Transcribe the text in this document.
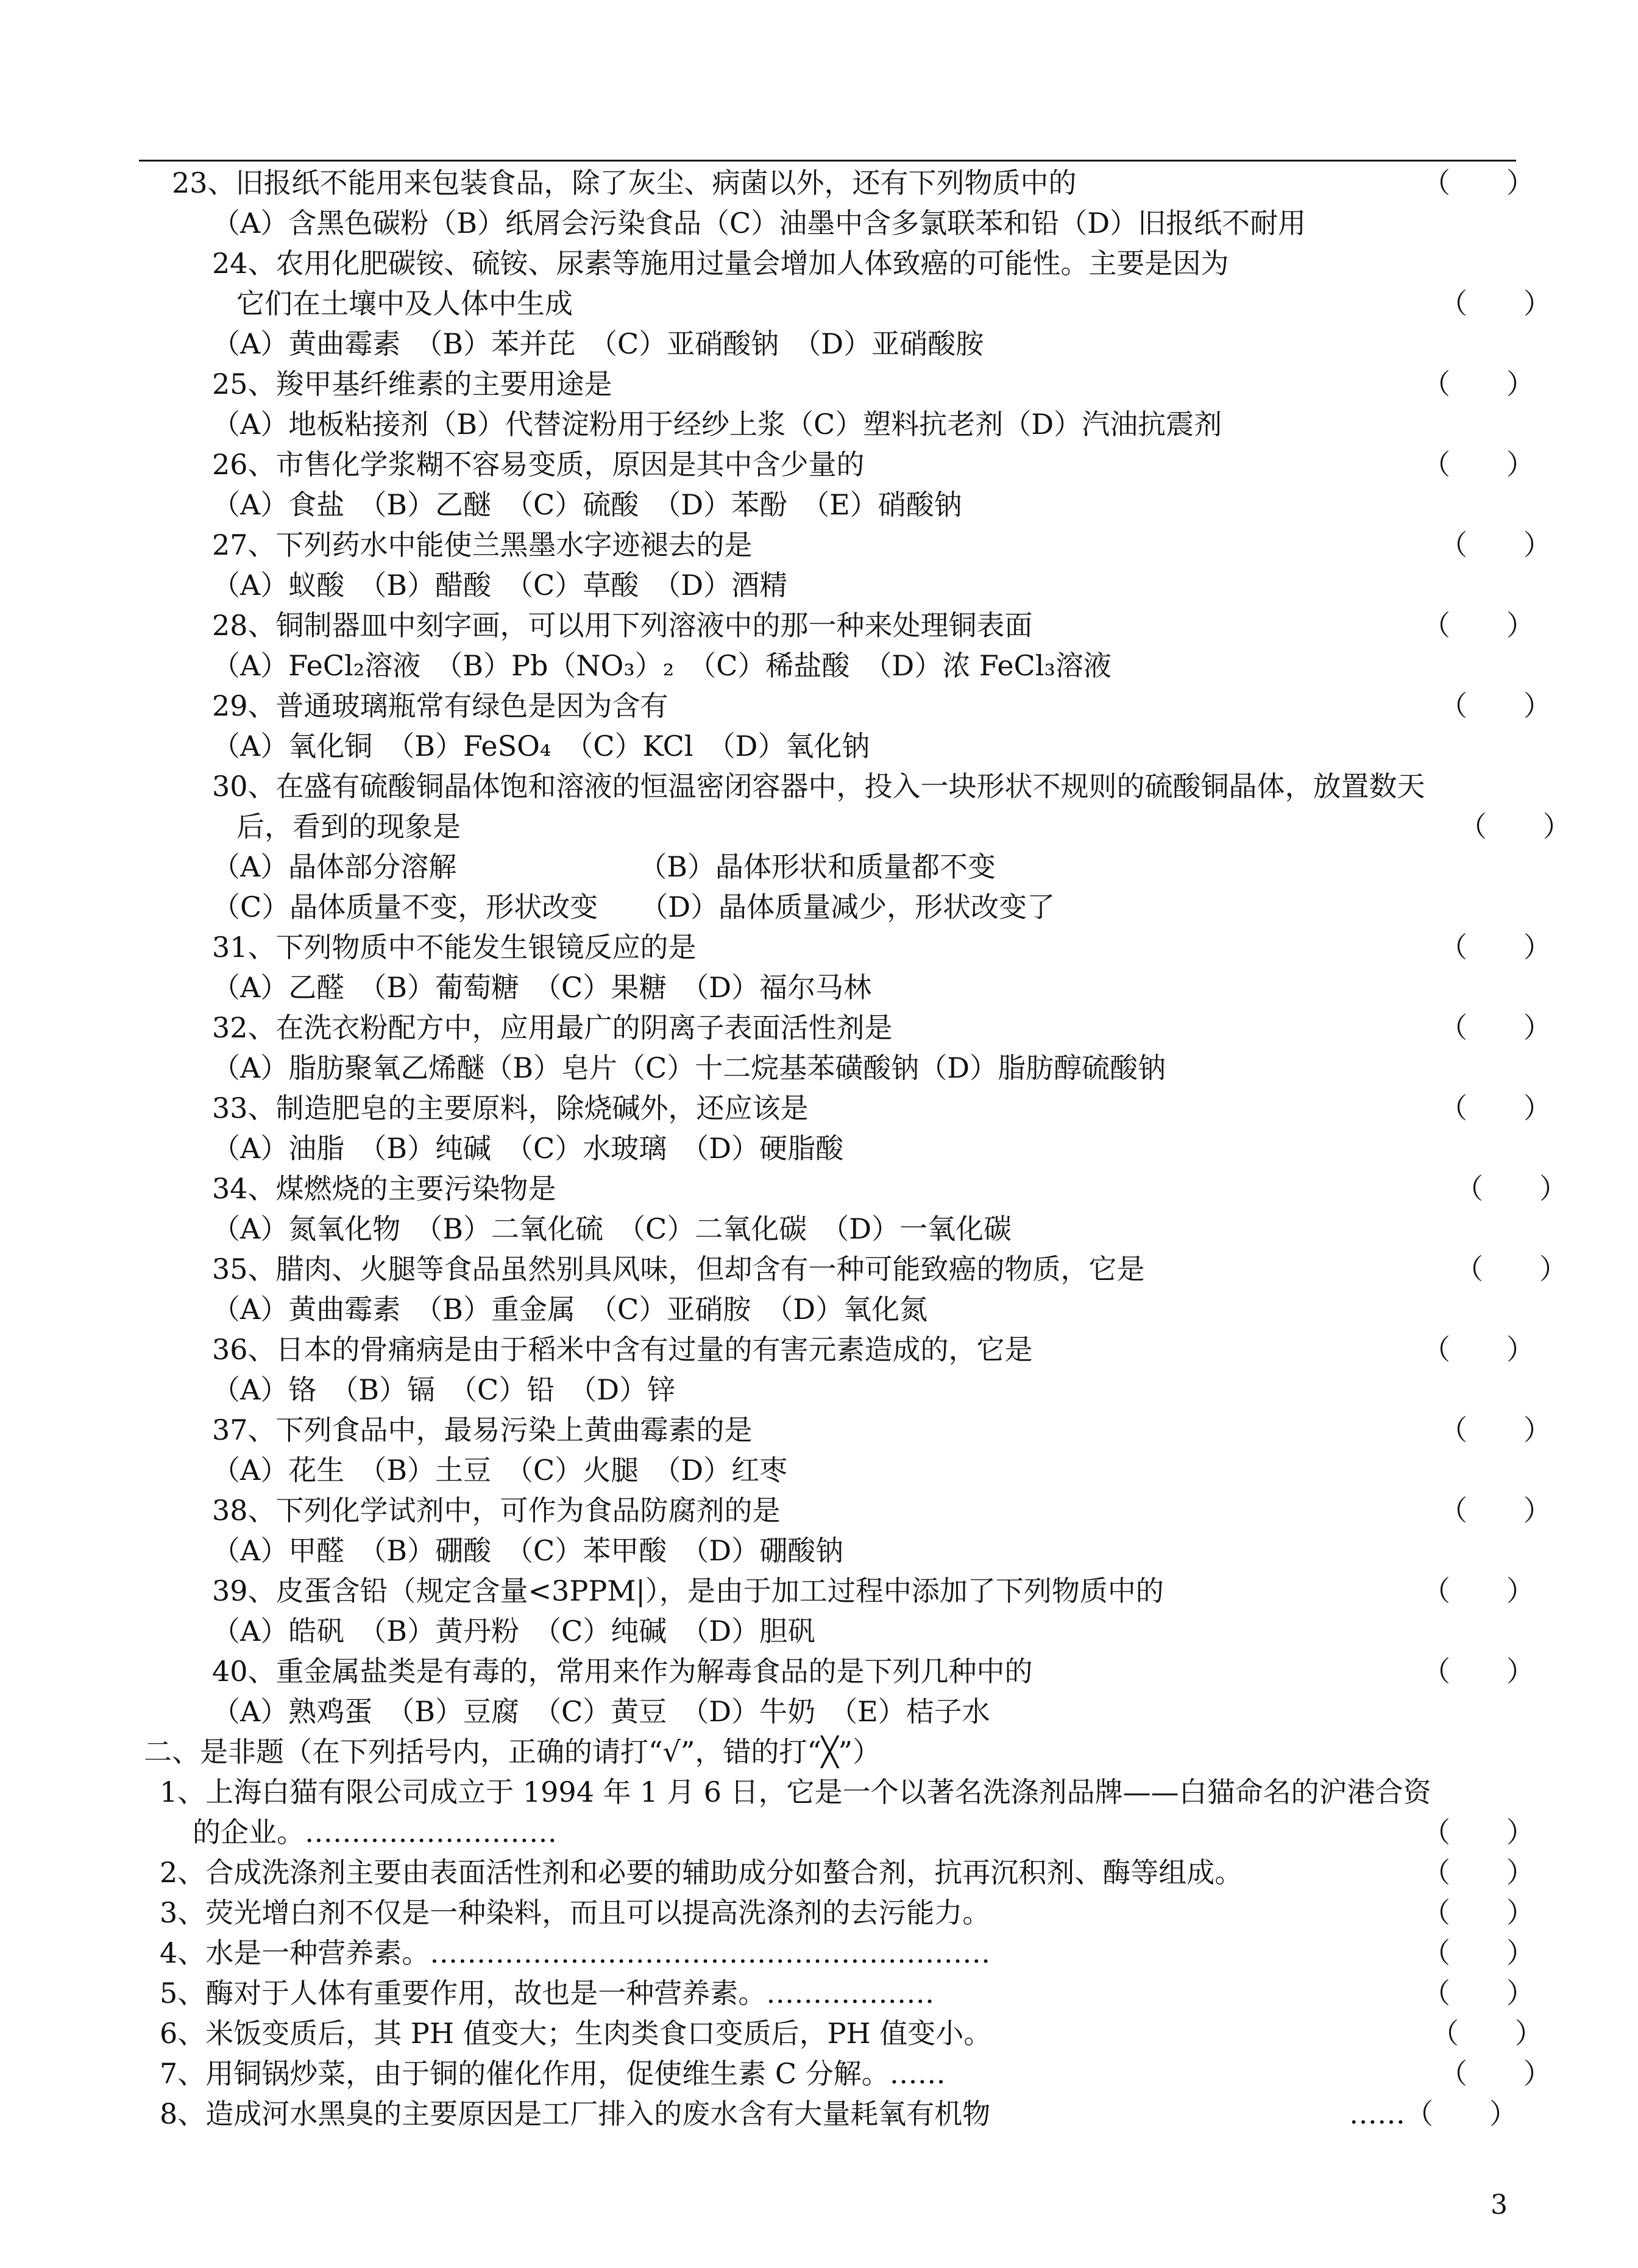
23、旧报纸不能用来包装食品，除了灰尘、病菌以外，还有下列物质中的	（　　）
（A）含黑色碳粉（B）纸屑会污染食品（C）油墨中含多氯联苯和铅（D）旧报纸不耐用
24、农用化肥碳铵、硫铵、尿素等施用过量会增加人体致癌的可能性。主要是因为
它们在土壤中及人体中生成	（　　）
（A）黄曲霉素　（B）苯并芘　（C）亚硝酸钠　（D）亚硝酸胺
25、羧甲基纤维素的主要用途是	（　　）
（A）地板粘接剂（B）代替淀粉用于经纱上浆（C）塑料抗老剂（D）汽油抗震剂
26、市售化学浆糊不容易变质，原因是其中含少量的	（　　）
（A）食盐　（B）乙醚　（C）硫酸　（D）苯酚　（E）硝酸钠
27、下列药水中能使兰黑墨水字迹褪去的是	（　　）
（A）蚁酸　（B）醋酸　（C）草酸　（D）酒精
28、铜制器皿中刻字画，可以用下列溶液中的那一种来处理铜表面	（　　）
（A）FeCl₂溶液　（B）Pb（NO₃）₂　（C）稀盐酸　（D）浓 FeCl₃溶液
29、普通玻璃瓶常有绿色是因为含有	（　　）
（A）氧化铜　（B）FeSO₄　（C）KCl　（D）氧化钠
30、在盛有硫酸铜晶体饱和溶液的恒温密闭容器中，投入一块形状不规则的硫酸铜晶体，放置数天
后，看到的现象是	（　　）
（A）晶体部分溶解　　　　　　　（B）晶体形状和质量都不变
（C）晶体质量不变，形状改变　　（D）晶体质量减少，形状改变了
31、下列物质中不能发生银镜反应的是	（　　）
（A）乙醛　（B）葡萄糖　（C）果糖　（D）福尔马林
32、在洗衣粉配方中，应用最广的阴离子表面活性剂是	（　　）
（A）脂肪聚氧乙烯醚（B）皂片（C）十二烷基苯磺酸钠（D）脂肪醇硫酸钠
33、制造肥皂的主要原料，除烧碱外，还应该是	（　　）
（A）油脂　（B）纯碱　（C）水玻璃　（D）硬脂酸
34、煤燃烧的主要污染物是	（　　）
（A）氮氧化物　（B）二氧化硫　（C）二氧化碳　（D）一氧化碳
35、腊肉、火腿等食品虽然别具风味，但却含有一种可能致癌的物质，它是	（　　）
（A）黄曲霉素　（B）重金属　（C）亚硝胺　（D）氧化氮
36、日本的骨痛病是由于稻米中含有过量的有害元素造成的，它是	（　　）
（A）铬　（B）镉　（C）铅　（D）锌
37、下列食品中，最易污染上黄曲霉素的是	（　　）
（A）花生　（B）土豆　（C）火腿　（D）红枣
38、下列化学试剂中，可作为食品防腐剂的是	（　　）
（A）甲醛　（B）硼酸　（C）苯甲酸　（D）硼酸钠
39、皮蛋含铅（规定含量<3PPM|），是由于加工过程中添加了下列物质中的	（　　）
（A）皓矾　（B）黄丹粉　（C）纯碱　（D）胆矾
40、重金属盐类是有毒的，常用来作为解毒食品的是下列几种中的	（　　）
（A）熟鸡蛋　（B）豆腐　（C）黄豆　（D）牛奶　（E）桔子水
二、是非题（在下列括号内，正确的请打“√”，错的打“╳”）
1、上海白猫有限公司成立于 1994 年 1 月 6 日，它是一个以著名洗涤剂品牌——白猫命名的沪港合资
的企业。………………………	（　　）
2、合成洗涤剂主要由表面活性剂和必要的辅助成分如螯合剂，抗再沉积剂、酶等组成。	（　　）
3、荧光增白剂不仅是一种染料，而且可以提高洗涤剂的去污能力。	（　　）
4、水是一种营养素。……………………………………………………	（　　）
5、酶对于人体有重要作用，故也是一种营养素。………………	（　　）
6、米饭变质后，其 PH 值变大；生肉类食口变质后，PH 值变小。	（　　）
7、用铜锅炒菜，由于铜的催化作用，促使维生素 C 分解。……	（　　）
8、造成河水黑臭的主要原因是工厂排入的废水含有大量耗氧有机物	……（　　）
3
